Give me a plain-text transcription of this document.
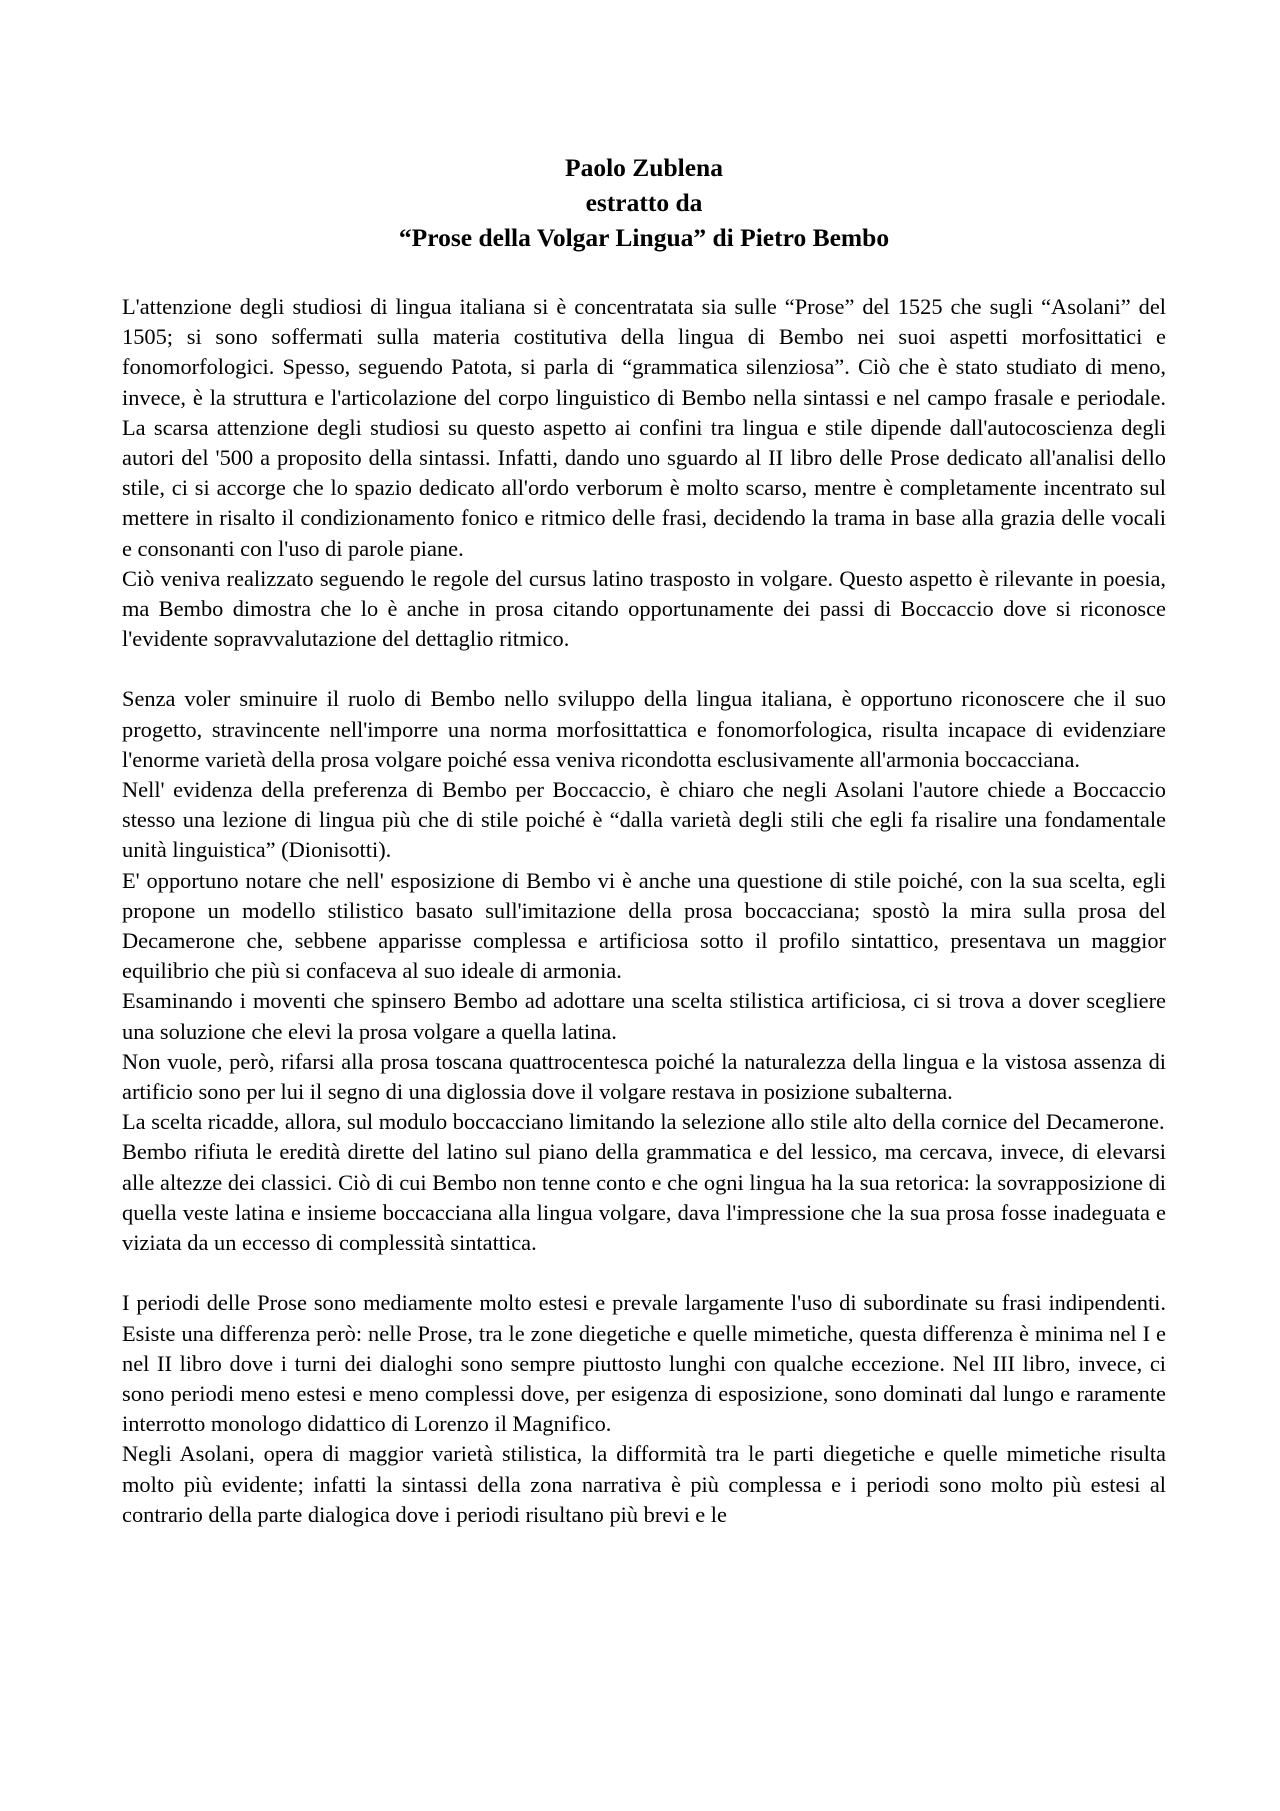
Paolo Zublena
estratto da
“Prose della Volgar Lingua” di Pietro Bembo

L'attenzione degli studiosi di lingua italiana si è concentratata sia sulle “Prose” del 1525 che sugli “Asolani” del 1505; si sono soffermati sulla materia costitutiva della lingua di Bembo nei suoi aspetti morfosittatici e fonomorfologici. Spesso, seguendo Patota, si parla di “grammatica silenziosa”. Ciò che è stato studiato di meno, invece, è la struttura e l'articolazione del corpo linguistico di Bembo nella sintassi e nel campo frasale e periodale. La scarsa attenzione degli studiosi su questo aspetto ai confini tra lingua e stile dipende dall'autocoscienza degli autori del '500 a proposito della sintassi. Infatti, dando uno sguardo al II libro delle Prose dedicato all'analisi dello stile, ci si accorge che lo spazio dedicato all'ordo verborum è molto scarso, mentre è completamente incentrato sul mettere in risalto il condizionamento fonico e ritmico delle frasi, decidendo la trama in base alla grazia delle vocali e consonanti con l'uso di parole piane.

Ciò veniva realizzato seguendo le regole del cursus latino trasposto in volgare. Questo aspetto è rilevante in poesia, ma Bembo dimostra che lo è anche in prosa citando opportunamente dei passi di Boccaccio dove si riconosce l'evidente sopravvalutazione del dettaglio ritmico.

Senza voler sminuire il ruolo di Bembo nello sviluppo della lingua italiana, è opportuno riconoscere che il suo progetto, stravincente nell'imporre una norma morfosittattica e fonomorfologica, risulta incapace di evidenziare l'enorme varietà della prosa volgare poiché essa veniva ricondotta esclusivamente all'armonia boccacciana.

Nell' evidenza della preferenza di Bembo per Boccaccio, è chiaro che negli Asolani l'autore chiede a Boccaccio stesso una lezione di lingua più che di stile poiché è “dalla varietà degli stili che egli fa risalire una fondamentale unità linguistica” (Dionisotti).

E' opportuno notare che nell' esposizione di Bembo vi è anche una questione di stile poiché, con la sua scelta, egli propone un modello stilistico basato sull'imitazione della prosa boccacciana; spostò la mira sulla prosa del Decamerone che, sebbene apparisse complessa e artificiosa sotto il profilo sintattico, presentava un maggior equilibrio che più si confaceva al suo ideale di armonia.

Esaminando i moventi che spinsero Bembo ad adottare una scelta stilistica artificiosa, ci si trova a dover scegliere una soluzione che elevi la prosa volgare a quella latina.

Non vuole, però, rifarsi alla prosa toscana quattrocentesca poiché la naturalezza della lingua e la vistosa assenza di artificio sono per lui il segno di una diglossia dove il volgare restava in posizione subalterna.

La scelta ricadde, allora, sul modulo boccacciano limitando la selezione allo stile alto della cornice del Decamerone.

Bembo rifiuta le eredità dirette del latino sul piano della grammatica e del lessico, ma cercava, invece, di elevarsi alle altezze dei classici. Ciò di cui Bembo non tenne conto e che ogni lingua ha la sua retorica: la sovrapposizione di quella veste latina e insieme boccacciana alla lingua volgare, dava l'impressione che la sua prosa fosse inadeguata e viziata da un eccesso di complessità sintattica.

I periodi delle Prose sono mediamente molto estesi e prevale largamente l'uso di subordinate su frasi indipendenti. Esiste una differenza però: nelle Prose, tra le zone diegetiche e quelle mimetiche, questa differenza è minima nel I e nel II libro dove i turni dei dialoghi sono sempre piuttosto lunghi con qualche eccezione. Nel III libro, invece, ci sono periodi meno estesi e meno complessi dove, per esigenza di esposizione, sono dominati dal lungo e raramente interrotto monologo didattico di Lorenzo il Magnifico.

Negli Asolani, opera di maggior varietà stilistica, la difformità tra le parti diegetiche e quelle mimetiche risulta molto più evidente; infatti la sintassi della zona narrativa è più complessa e i periodi sono molto più estesi al contrario della parte dialogica dove i periodi risultano più brevi e le
